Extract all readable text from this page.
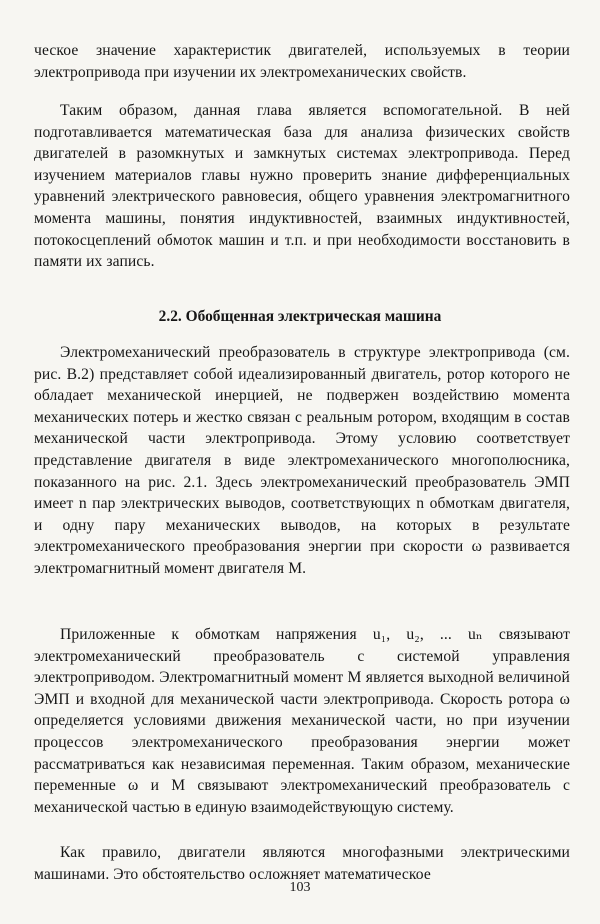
ческое значение характеристик двигателей, используемых в теории электропривода при изучении их электромеханических свойств.

Таким образом, данная глава является вспомогательной. В ней подготавливается математическая база для анализа физических свойств двигателей в разомкнутых и замкнутых системах электропривода. Перед изучением материалов главы нужно проверить знание дифференциальных уравнений электрического равновесия, общего уравнения электромагнитного момента машины, понятия индуктивностей, взаимных индуктивностей, потокосцеплений обмоток машин и т.п. и при необходимости восстановить в памяти их запись.

2.2. Обобщенная электрическая машина

Электромеханический преобразователь в структуре электропривода (см. рис. В.2) представляет собой идеализированный двигатель, ротор которого не обладает механической инерцией, не подвержен воздействию момента механических потерь и жестко связан с реальным ротором, входящим в состав механической части электропривода. Этому условию соответствует представление двигателя в виде электромеханического многополюсника, показанного на рис. 2.1. Здесь электромеханический преобразователь ЭМП имеет n пар электрических выводов, соответствующих n обмоткам двигателя, и одну пару механических выводов, на которых в результате электромеханического преобразования энергии при скорости ω развивается электромагнитный момент двигателя M.

Приложенные к обмоткам напряжения u₁, u₂, ... uₙ связывают электромеханический преобразователь с системой управления электроприводом. Электромагнитный момент M является выходной величиной ЭМП и входной для механической части электропривода. Скорость ротора ω определяется условиями движения механической части, но при изучении процессов электромеханического преобразования энергии может рассматриваться как независимая переменная. Таким образом, механические переменные ω и M связывают электромеханический преобразователь с механической частью в единую взаимодействующую систему.

Как правило, двигатели являются многофазными электрическими машинами. Это обстоятельство осложняет математическое

103
